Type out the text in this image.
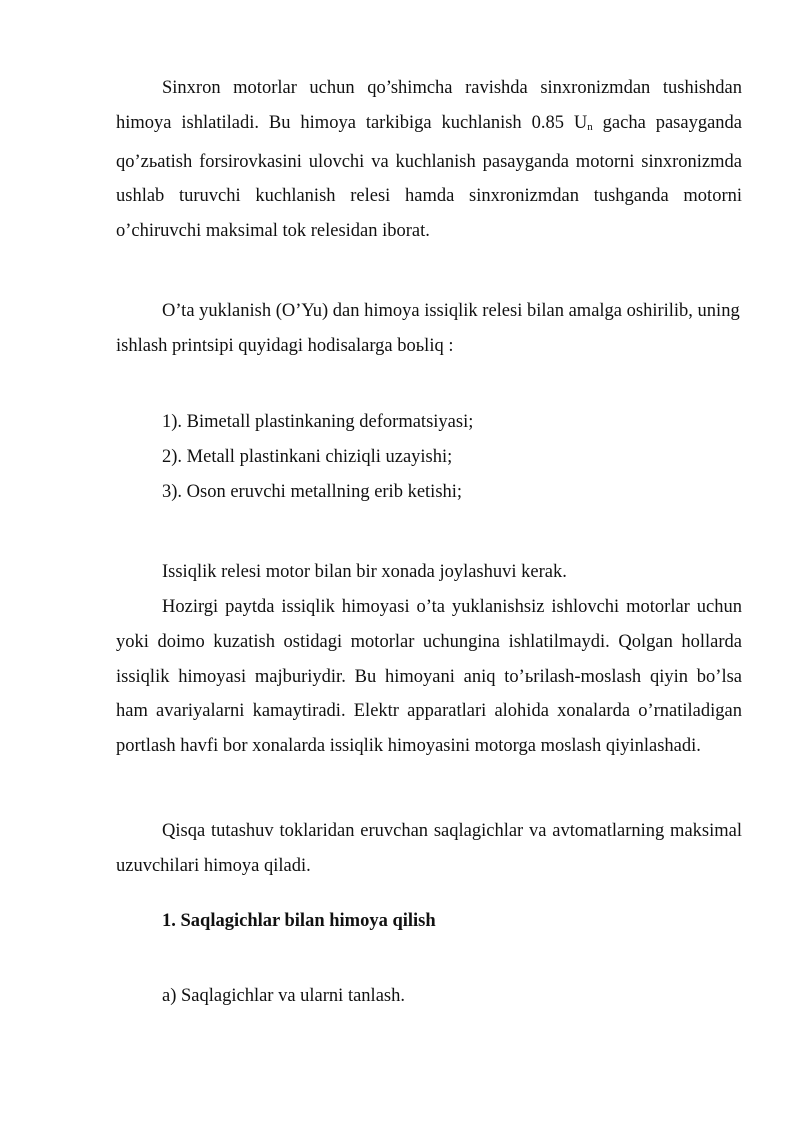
Sinxron motorlar uchun qo’shimcha ravishda sinxronizmdan tushishdan himoya ishlatiladi. Bu himoya tarkibiga kuchlanish 0.85 Un gacha pasayganda qo’zьatish forsirovkasini ulovchi va kuchlanish pasayganda motorni sinxronizmda ushlab turuvchi kuchlanish relesi hamda sinxronizmdan tushganda motorni o’chiruvchi maksimal tok relesidan iborat.

O’ta yuklanish (O’Yu) dan himoya issiqlik relesi bilan amalga oshirilib, uning ishlash printsipi quyidagi hodisalarga boьliq :

1). Bimetall plastinkaning deformatsiyasi;

2). Metall plastinkani chiziqli uzayishi;

3). Oson eruvchi metallning erib ketishi;

Issiqlik relesi motor bilan bir xonada joylashuvi kerak.

Hozirgi paytda issiqlik himoyasi o’ta yuklanishsiz ishlovchi motorlar uchun yoki doimo kuzatish ostidagi motorlar uchungina ishlatilmaydi. Qolgan hollarda issiqlik himoyasi majburiydir. Bu himoyani aniq to’ьrilash-moslash qiyin bo’lsa ham avariyalarni kamaytiradi. Elektr apparatlari alohida xonalarda o’rnatiladigan portlash havfi bor xonalarda issiqlik himoyasini motorga moslash qiyinlashadi.

Qisqa tutashuv toklaridan eruvchan saqlagichlar va avtomatlarning maksimal uzuvchilari himoya qiladi.

1. Saqlagichlar bilan himoya qilish

a) Saqlagichlar va ularni tanlash.
